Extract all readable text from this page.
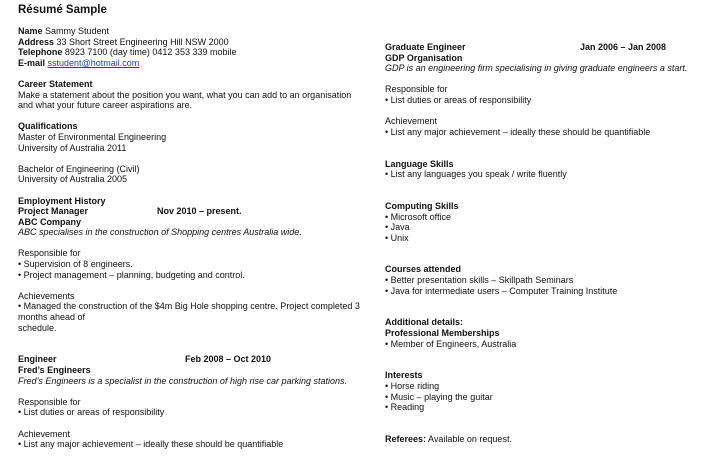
Résumé Sample
Name Sammy Student
Address 33 Short Street Engineering Hill NSW 2000
Telephone 8923 7100 (day time) 0412 353 339 mobile
E-mail sstudent@hotmail.com
Career Statement
Make a statement about the position you want, what you can add to an organisation and what your future career aspirations are.
Qualifications
Master of Environmental Engineering
University of Australia 2011
Bachelor of Engineering (Civil)
University of Australia 2005
Employment History
Project Manager	Nov 2010 – present.
ABC Company
ABC specialises in the construction of Shopping centres Australia wide.
Responsible for
• Supervision of 8 engineers.
• Project management – planning, budgeting and control.
Achievements
• Managed the construction of the $4m Big Hole shopping centre. Project completed 3 months ahead of
schedule.
Engineer	Feb 2008 – Oct 2010
Fred’s Engineers
Fred’s Engineers is a specialist in the construction of high rise car parking stations.
Responsible for
• List duties or areas of responsibility
Achievement
• List any major achievement – ideally these should be quantifiable
Graduate Engineer	Jan 2006 – Jan 2008
GDP Organisation
GDP is an engineering firm specialising in giving graduate engineers a start.
Responsible for
• List duties or areas of responsibility
Achievement
• List any major achievement – ideally these should be quantifiable
Language Skills
• List any languages you speak / write fluently
Computing Skills
• Microsoft office
• Java
• Unix
Courses attended
• Better presentation skills – Skillpath Seminars
• Java for intermediate users – Computer Training Institute
Additional details:
Professional Memberships
• Member of Engineers, Australia
Interests
• Horse riding
• Music – playing the guitar
• Reading
Referees: Available on request.
